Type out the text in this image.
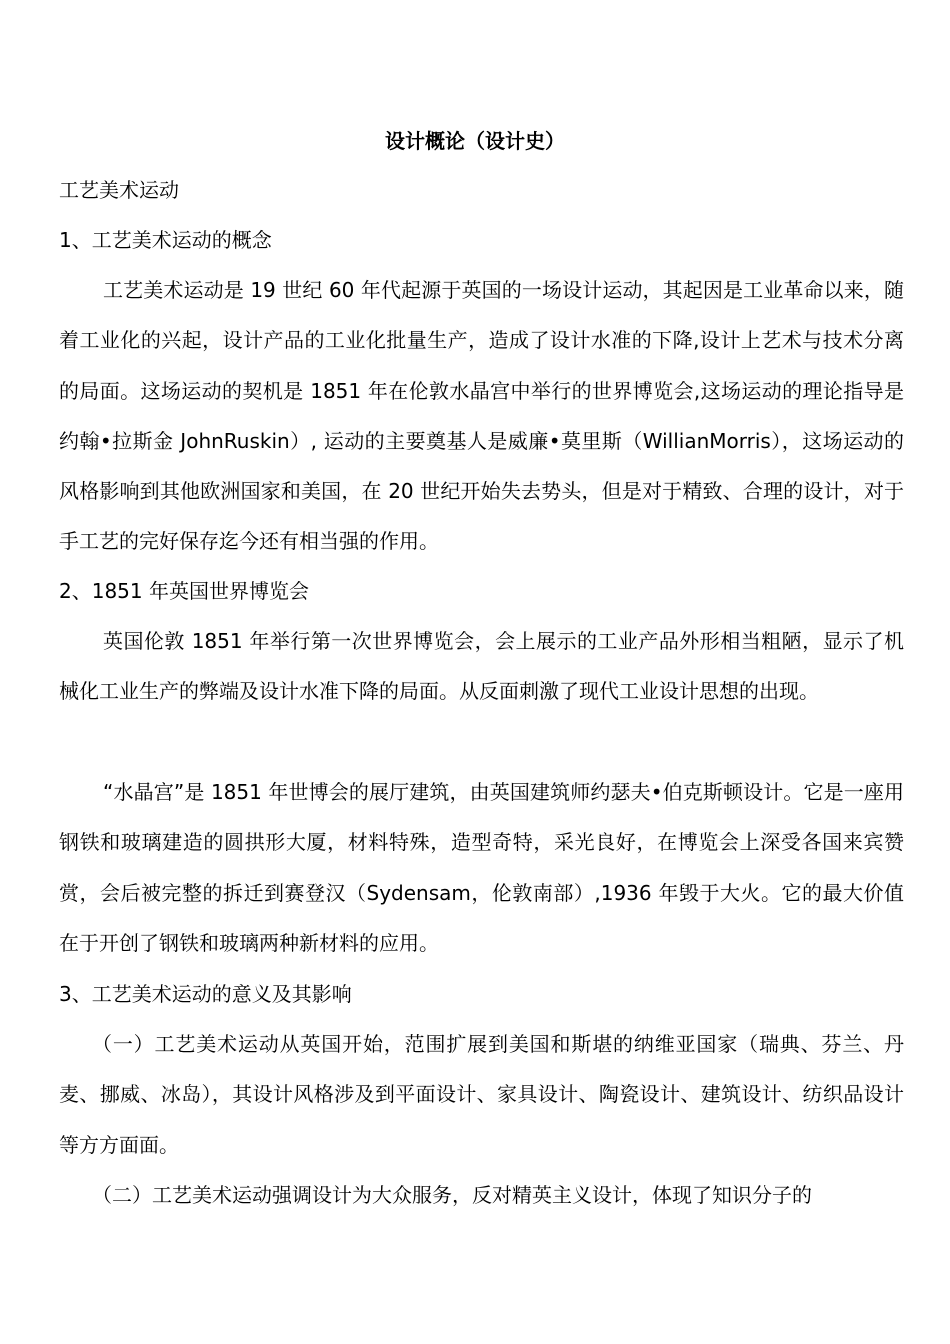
设计概论（设计史）
工艺美术运动
1、工艺美术运动的概念
工艺美术运动是 19 世纪 60 年代起源于英国的一场设计运动，其起因是工业革命以来，随着工业化的兴起，设计产品的工业化批量生产，造成了设计水准的下降,设计上艺术与技术分离的局面。这场运动的契机是 1851 年在伦敦水晶宫中举行的世界博览会,这场运动的理论指导是约翰•拉斯金 JohnRuskin）, 运动的主要奠基人是威廉•莫里斯（WillianMorris），这场运动的风格影响到其他欧洲国家和美国，在 20 世纪开始失去势头，但是对于精致、合理的设计，对于手工艺的完好保存迄今还有相当强的作用。
2、1851 年英国世界博览会
英国伦敦 1851 年举行第一次世界博览会，会上展示的工业产品外形相当粗陋，显示了机械化工业生产的弊端及设计水准下降的局面。从反面刺激了现代工业设计思想的出现。
“水晶宫”是 1851 年世博会的展厅建筑，由英国建筑师约瑟夫•伯克斯顿设计。它是一座用钢铁和玻璃建造的圆拱形大厦，材料特殊，造型奇特，采光良好，在博览会上深受各国来宾赞赏，会后被完整的拆迁到赛登汉（Sydensam，伦敦南部）,1936 年毁于大火。它的最大价值在于开创了钢铁和玻璃两种新材料的应用。
3、工艺美术运动的意义及其影响
（一）工艺美术运动从英国开始，范围扩展到美国和斯堪的纳维亚国家（瑞典、芬兰、丹麦、挪威、冰岛），其设计风格涉及到平面设计、家具设计、陶瓷设计、建筑设计、纺织品设计等方方面面。
（二）工艺美术运动强调设计为大众服务，反对精英主义设计，体现了知识分子的
